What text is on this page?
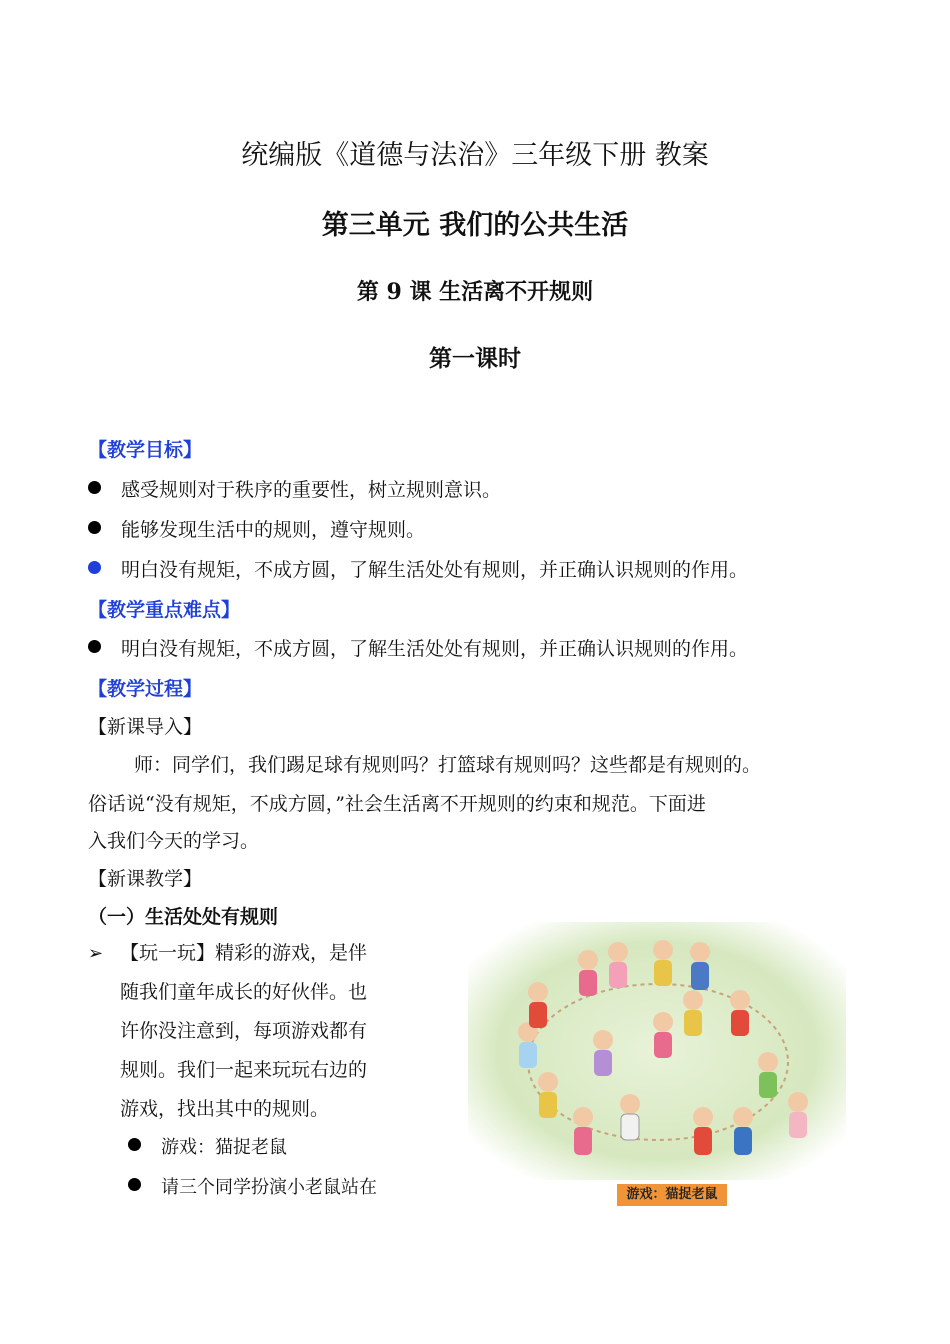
统编版《道德与法治》三年级下册 教案
第三单元 我们的公共生活
第 9 课 生活离不开规则
第一课时
【教学目标】
感受规则对于秩序的重要性，树立规则意识。
能够发现生活中的规则，遵守规则。
明白没有规矩，不成方圆，了解生活处处有规则，并正确认识规则的作用。
【教学重点难点】
明白没有规矩，不成方圆，了解生活处处有规则，并正确认识规则的作用。
【教学过程】
【新课导入】
师：同学们，我们踢足球有规则吗？打篮球有规则吗？这些都是有规则的。
俗话说“没有规矩，不成方圆，”社会生活离不开规则的约束和规范。下面进
入我们今天的学习。
【新课教学】
（一）生活处处有规则
➢ 【玩一玩】精彩的游戏，是伴
随我们童年成长的好伙伴。也
许你没注意到，每项游戏都有
规则。我们一起来玩玩右边的
游戏，找出其中的规则。
游戏：猫捉老鼠
请三个同学扮演小老鼠站在	游戏：猫捉老鼠
